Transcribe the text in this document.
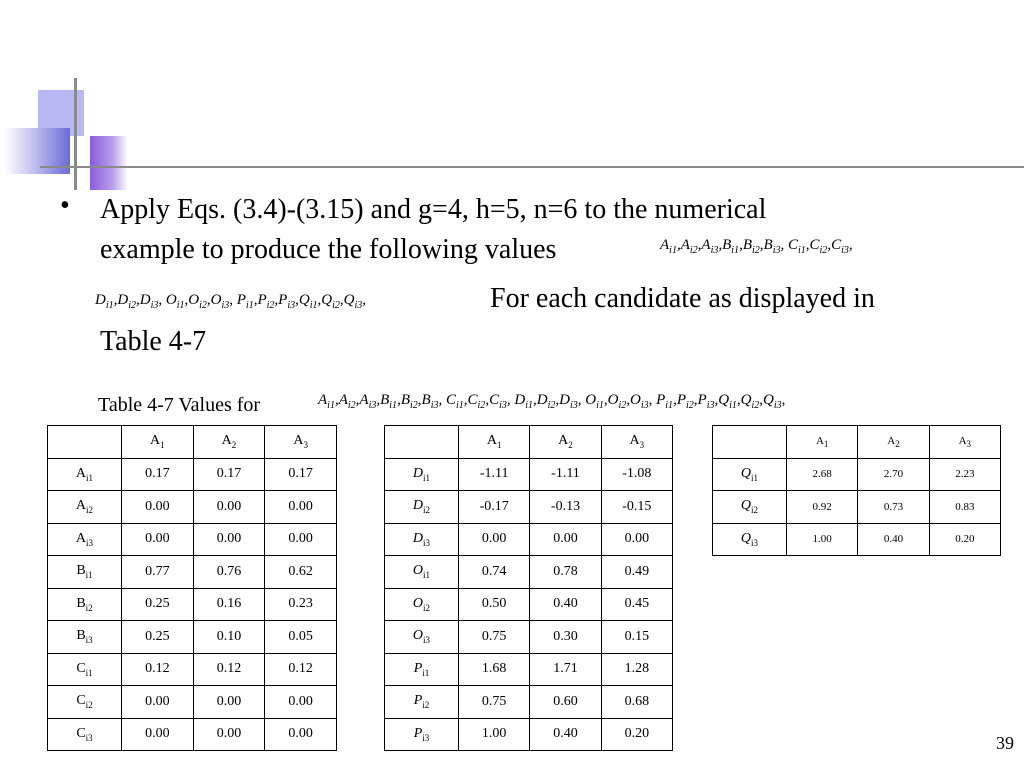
• Apply Eqs. (3.4)-(3.15) and g=4, h=5, n=6 to the numerical
example to produce the following values	$A_{i1},A_{i2},A_{i3},B_{i1},B_{i2},B_{i3}$, $C_{i1},C_{i2},C_{i3}$,
$D_{i1},D_{i2},D_{i3}$, $O_{i1},O_{i2},O_{i3}$, $P_{i1},P_{i2},P_{i3},Q_{i1},Q_{i2},Q_{i3}$,	For each candidate as displayed in
Table 4-7
Table 4-7 Values for	$A_{i1},A_{i2},A_{i3},B_{i1},B_{i2},B_{i3}$, $C_{i1},C_{i2},C_{i3}$, $D_{i1},D_{i2},D_{i3}$, $O_{i1},O_{i2},O_{i3}$, $P_{i1},P_{i2},P_{i3},Q_{i1},Q_{i2},Q_{i3}$,
	$A_1$	$A_2$	$A_3$
$A_{i1}$	0.17	0.17	0.17
$A_{i2}$	0.00	0.00	0.00
$A_{i3}$	0.00	0.00	0.00
$B_{i1}$	0.77	0.76	0.62
$B_{i2}$	0.25	0.16	0.23
$B_{i3}$	0.25	0.10	0.05
$C_{i1}$	0.12	0.12	0.12
$C_{i2}$	0.00	0.00	0.00
$C_{i3}$	0.00	0.00	0.00
	$A_1$	$A_2$	$A_3$
$D_{i1}$	-1.11	-1.11	-1.08
$D_{i2}$	-0.17	-0.13	-0.15
$D_{i3}$	0.00	0.00	0.00
$O_{i1}$	0.74	0.78	0.49
$O_{i2}$	0.50	0.40	0.45
$O_{i3}$	0.75	0.30	0.15
$P_{i1}$	1.68	1.71	1.28
$P_{i2}$	0.75	0.60	0.68
$P_{i3}$	1.00	0.40	0.20
	$A_1$	$A_2$	$A_3$
$Q_{i1}$	2.68	2.70	2.23
$Q_{i2}$	0.92	0.73	0.83
$Q_{i3}$	1.00	0.40	0.20
39
